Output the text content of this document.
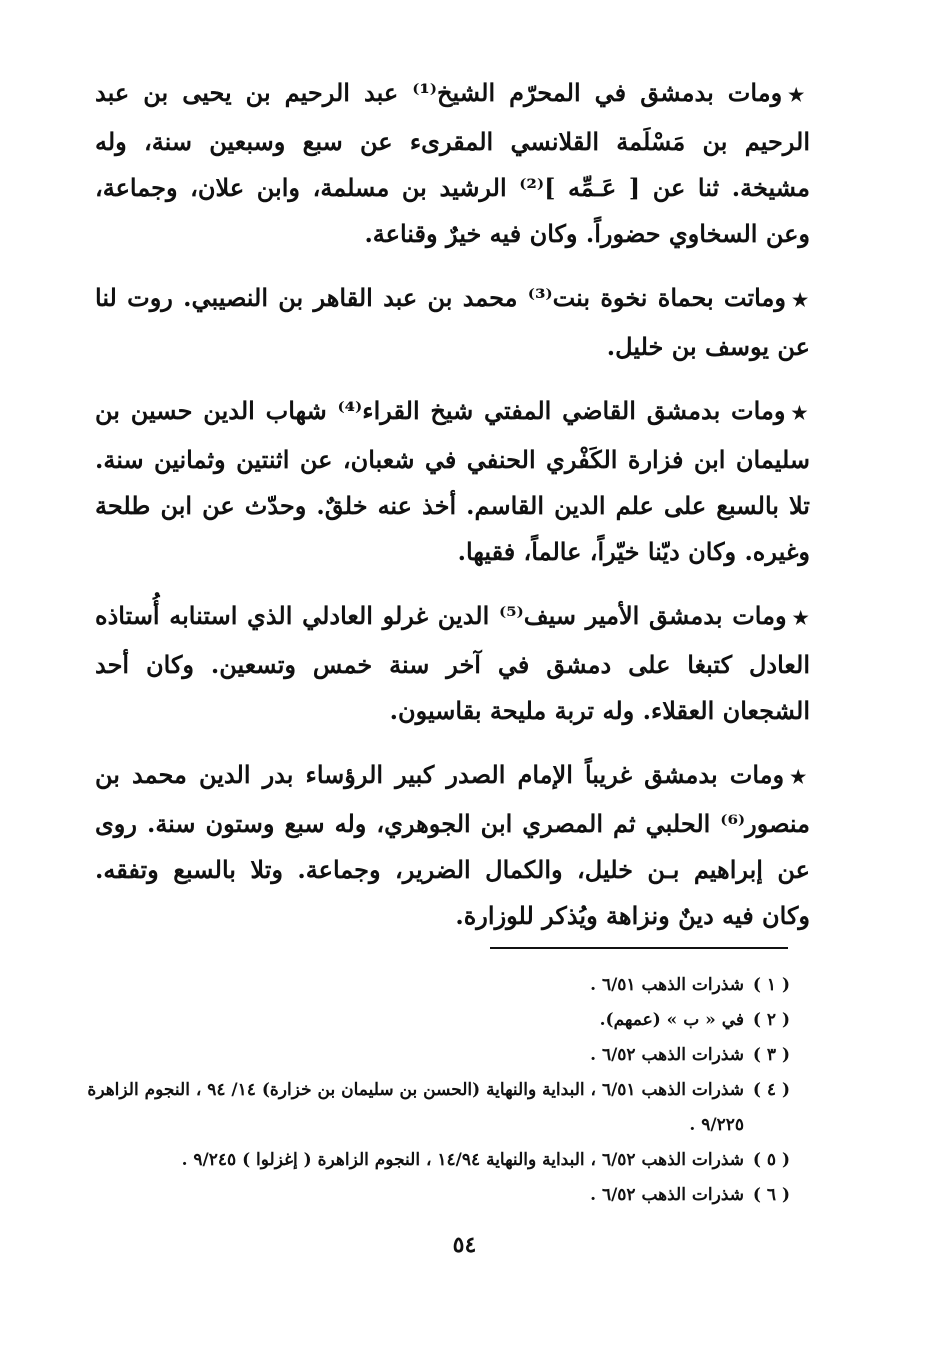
★ومات بدمشق في المحرّم الشيخ⁽¹⁾ عبد الرحيم بن يحيى بن عبد الرحيم بن مَسْلَمة القلانسي المقرىء عن سبع وسبعين سنة، وله مشيخة. ثنا عن [ عَـمِّه ]⁽²⁾ الرشيد بن مسلمة، وابن علان، وجماعة، وعن السخاوي حضوراً. وكان فيه خيرٌ وقناعة.

★وماتت بحماة نخوة بنت⁽³⁾ محمد بن عبد القاهر بن النصيبي. روت لنا عن يوسف بن خليل.

★ومات بدمشق القاضي المفتي شيخ القراء⁽⁴⁾ شهاب الدين حسين بن سليمان ابن فزارة الكَفْري الحنفي في شعبان، عن اثنتين وثمانين سنة. تلا بالسبع على علم الدين القاسم. أخذ عنه خلقٌ. وحدّث عن ابن طلحة وغيره. وكان ديّنا خيّراً، عالماً، فقيها.

★ومات بدمشق الأمير سيف⁽⁵⁾ الدين غرلو العادلي الذي استنابه أُستاذه العادل كتبغا على دمشق في آخر سنة خمس وتسعين. وكان أحد الشجعان العقلاء. وله تربة مليحة بقاسيون.

★ومات بدمشق غريباً الإمام الصدر كبير الرؤساء بدر الدين محمد بن منصور⁽⁶⁾ الحلبي ثم المصري ابن الجوهري، وله سبع وستون سنة. روى عن إبراهيم بـن خليل، والكمال الضرير، وجماعة. وتلا بالسبع وتفقه. وكان فيه دينٌ ونزاهة ويُذكر للوزارة.

( ١ )
شذرات الذهب ٦/٥١ .
( ٢ )
في « ب » (عمهم).
( ٣ )
شذرات الذهب ٦/٥٢ .
( ٤ )
شذرات الذهب ٦/٥١ ، البداية والنهاية (الحسن بن سليمان بن خزارة) ١٤/ ٩٤ ، النجوم الزاهرة ٩/٢٢٥ .
( ٥ )
شذرات الذهب ٦/٥٢ ، البداية والنهاية ١٤/٩٤ ، النجوم الزاهرة ( إغزلوا ) ٩/٢٤٥ .
( ٦ )
شذرات الذهب ٦/٥٢ .
٥٤
